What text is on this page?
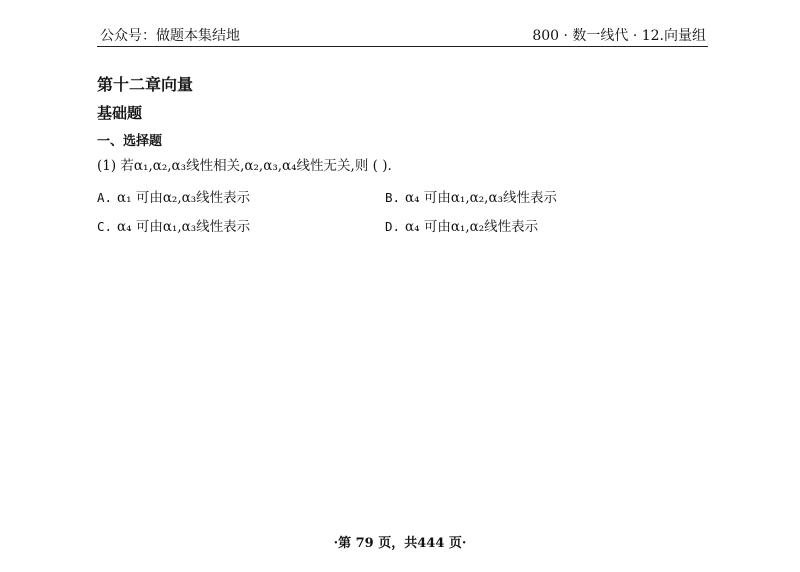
公众号：做题本集结地	800 · 数一线代 · 12.向量组
第十二章向量
基础题
一、选择题
(1) 若α₁,α₂,α₃线性相关,α₂,α₃,α₄线性无关,则 ( ).
A. α₁ 可由α₂,α₃线性表示	B. α₄ 可由α₁,α₂,α₃线性表示
C. α₄ 可由α₁,α₃线性表示	D. α₄ 可由α₁,α₂线性表示
·第 79 页，共444 页·
